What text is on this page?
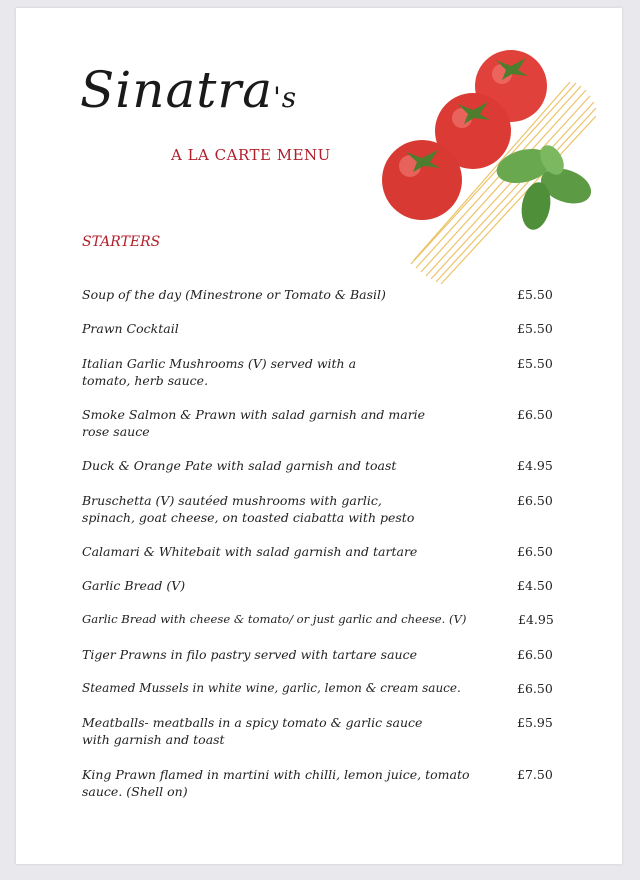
Sinatra's
A LA CARTE MENU
STARTERS
Soup of the day (Minestrone or Tomato & Basil)	£5.50
Prawn Cocktail	£5.50
Italian Garlic Mushrooms (V) served with a tomato, herb sauce.
£5.50
Smoke Salmon & Prawn with salad garnish and marie rose sauce
£6.50
Duck & Orange Pate with salad garnish and toast	£4.95
Bruschetta (V) sautéed mushrooms with garlic, spinach, goat cheese, on toasted ciabatta with pesto
£6.50
Calamari & Whitebait with salad garnish and tartare	£6.50
Garlic Bread (V)	£4.50
Garlic Bread with cheese & tomato/ or just garlic and cheese. (V)	£4.95
Tiger Prawns in filo pastry served with tartare sauce	£6.50
Steamed Mussels in white wine, garlic, lemon & cream sauce.	£6.50
Meatballs- meatballs in a spicy tomato & garlic sauce with garnish and toast
£5.95
King Prawn flamed in martini with chilli, lemon juice, tomato sauce. (Shell on)
£7.50
